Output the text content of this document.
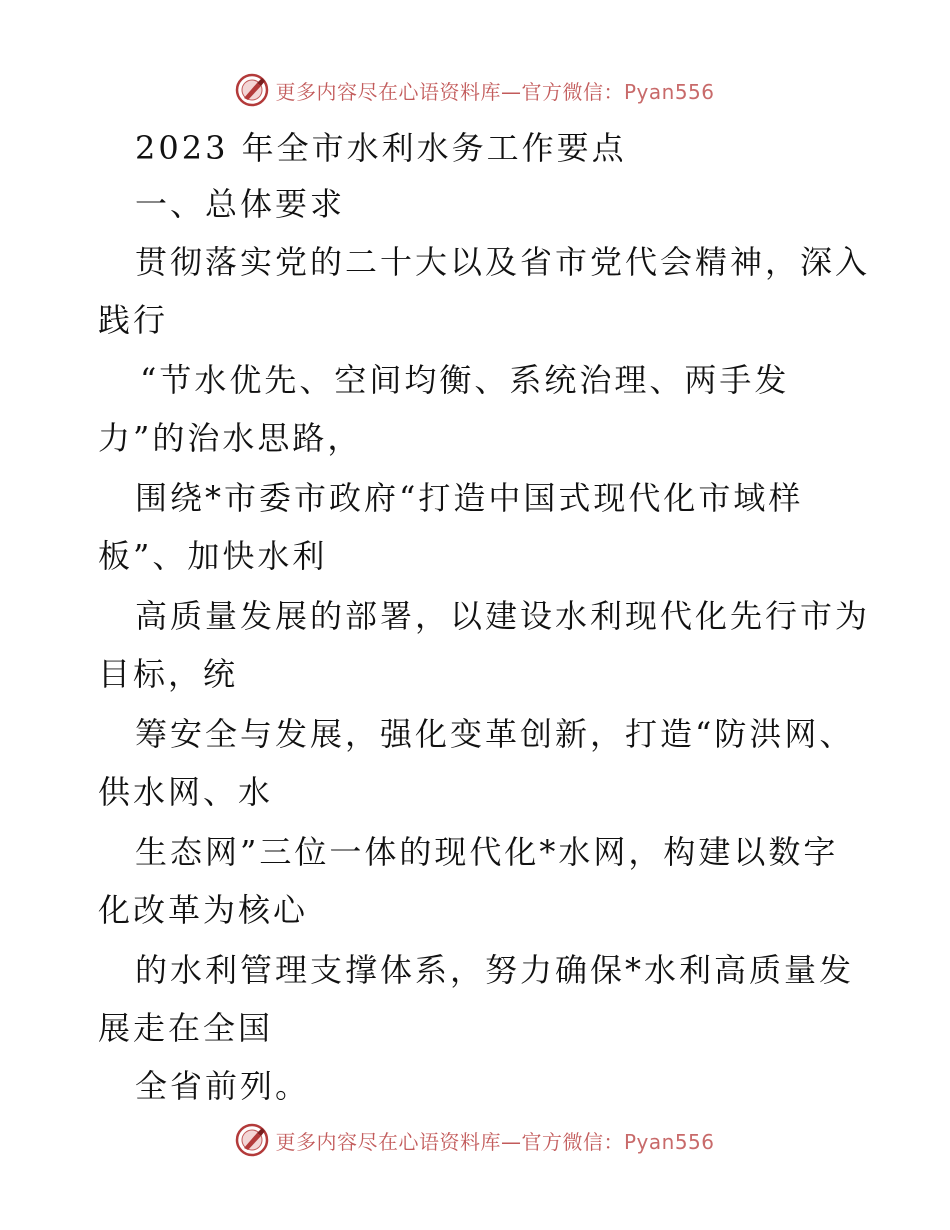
更多内容尽在心语资料库—官方微信：Pyan556
2023 年全市水利水务工作要点
一、总体要求
贯彻落实党的二十大以及省市党代会精神，深入
践行
“节水优先、空间均衡、系统治理、两手发
力”的治水思路，
围绕*市委市政府“打造中国式现代化市域样
板”、加快水利
高质量发展的部署，以建设水利现代化先行市为
目标，统
筹安全与发展，强化变革创新，打造“防洪网、
供水网、水
生态网”三位一体的现代化*水网，构建以数字
化改革为核心
的水利管理支撑体系，努力确保*水利高质量发
展走在全国
全省前列。
更多内容尽在心语资料库—官方微信：Pyan556
